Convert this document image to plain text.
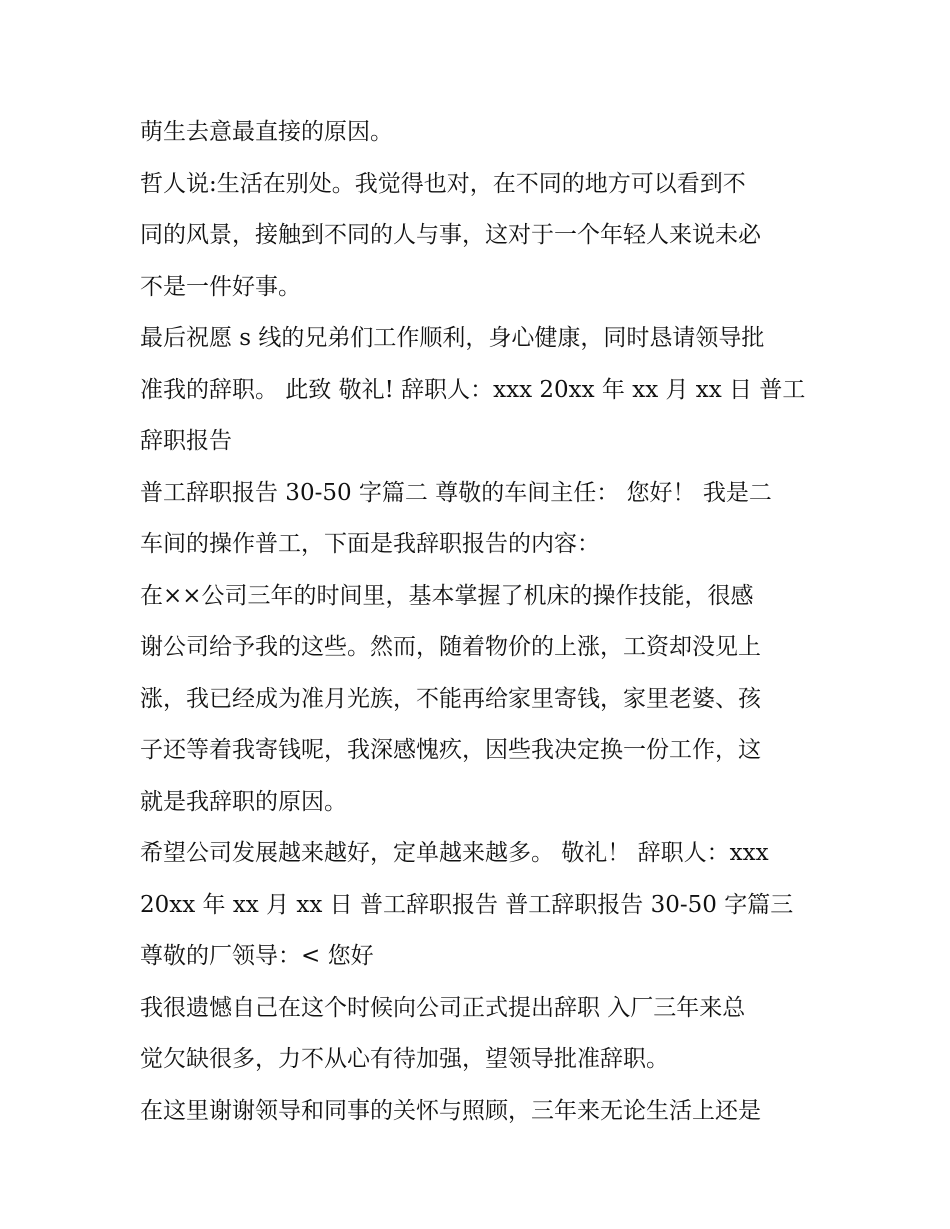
萌生去意最直接的原因。
哲人说:生活在别处。我觉得也对，在不同的地方可以看到不
同的风景，接触到不同的人与事，这对于一个年轻人来说未必
不是一件好事。
最后祝愿 s 线的兄弟们工作顺利，身心健康，同时恳请领导批
准我的辞职。 此致 敬礼! 辞职人：xxx 20xx 年 xx 月 xx 日 普工
辞职报告
普工辞职报告 30-50 字篇二 尊敬的车间主任： 您好！ 我是二
车间的操作普工，下面是我辞职报告的内容：
在××公司三年的时间里，基本掌握了机床的操作技能，很感
谢公司给予我的这些。然而，随着物价的上涨，工资却没见上
涨，我已经成为准月光族，不能再给家里寄钱，家里老婆、孩
子还等着我寄钱呢，我深感愧疚，因些我决定换一份工作，这
就是我辞职的原因。
希望公司发展越来越好，定单越来越多。 敬礼！ 辞职人：xxx
20xx 年 xx 月 xx 日 普工辞职报告 普工辞职报告 30-50 字篇三
尊敬的厂领导：< 您好
我很遗憾自己在这个时候向公司正式提出辞职 入厂三年来总
觉欠缺很多，力不从心有待加强，望领导批准辞职。
在这里谢谢领导和同事的关怀与照顾，三年来无论生活上还是
